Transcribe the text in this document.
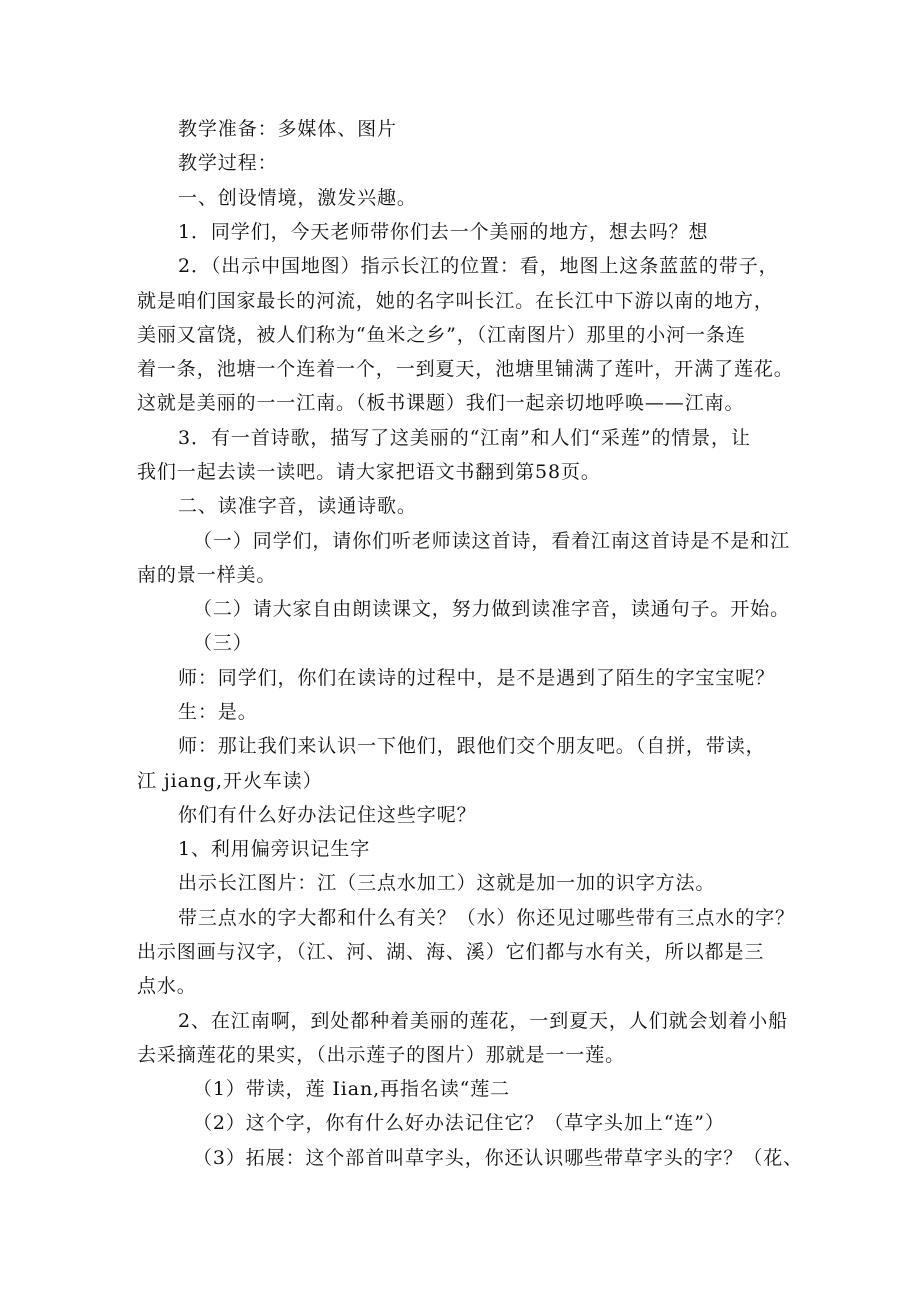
教学准备：多媒体、图片
教学过程：
一、创设情境，激发兴趣。
1．同学们，今天老师带你们去一个美丽的地方，想去吗？想
2．（出示中国地图）指示长江的位置：看，地图上这条蓝蓝的带子，
就是咱们国家最长的河流，她的名字叫长江。在长江中下游以南的地方，
美丽又富饶，被人们称为“鱼米之乡”，（江南图片）那里的小河一条连
着一条，池塘一个连着一个，一到夏天，池塘里铺满了莲叶，开满了莲花。
这就是美丽的一一江南。（板书课题）我们一起亲切地呼唤——江南。
3．有一首诗歌，描写了这美丽的“江南”和人们“采莲”的情景，让
我们一起去读一读吧。请大家把语文书翻到第58页。
二、读准字音，读通诗歌。
（一）同学们，请你们听老师读这首诗，看着江南这首诗是不是和江
南的景一样美。
（二）请大家自由朗读课文，努力做到读准字音，读通句子。开始。
（三）
师：同学们，你们在读诗的过程中，是不是遇到了陌生的字宝宝呢？
生：是。
师：那让我们来认识一下他们，跟他们交个朋友吧。（自拼，带读，
江 jiang,开火车读）
你们有什么好办法记住这些字呢？
1、利用偏旁识记生字
出示长江图片：江（三点水加工）这就是加一加的识字方法。
带三点水的字大都和什么有关？（水）你还见过哪些带有三点水的字？
出示图画与汉字，（江、河、湖、海、溪）它们都与水有关，所以都是三
点水。
2、在江南啊，到处都种着美丽的莲花，一到夏天，人们就会划着小船
去采摘莲花的果实，（出示莲子的图片）那就是一一莲。
（1）带读，莲 Iian,再指名读“莲二
（2）这个字，你有什么好办法记住它？（草字头加上“连”）
（3）拓展：这个部首叫草字头，你还认识哪些带草字头的字？（花、
